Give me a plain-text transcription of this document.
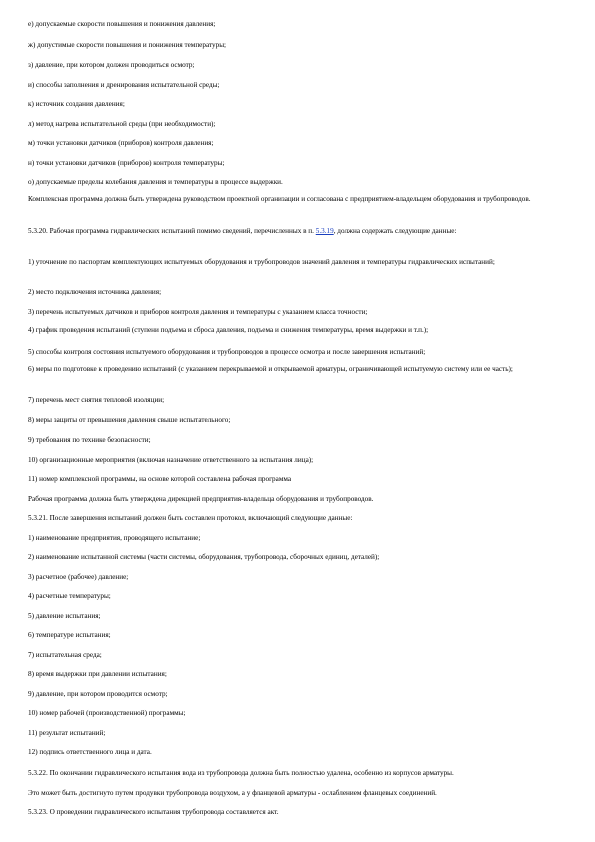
е) допускаемые скорости повышения и понижения давления;

ж) допустимые скорости повышения и понижения температуры;

з) давление, при котором должен проводиться осмотр;

и) способы заполнения и дренирования испытательной среды;

к) источник создания давления;

л) метод нагрева испытательной среды (при необходимости);

м) точки установки датчиков (приборов) контроля давления;

н) точки установки датчиков (приборов) контроля температуры;

о) допускаемые пределы колебания давления и температуры в процессе выдержки.

Комплексная программа должна быть утверждена руководством проектной организации и согласована с предприятием-владельцем оборудования и трубопроводов.

5.3.20. Рабочая программа гидравлических испытаний помимо сведений, перечисленных в п. 5.3.19, должна содержать следующие данные:

1) уточнение по паспортам комплектующих испытуемых оборудования и трубопроводов значений давления и температуры гидравлических испытаний;

2) место подключения источника давления;

3) перечень испытуемых датчиков и приборов контроля давления и температуры с указанием класса точности;

4) график проведения испытаний (ступени подъема и сброса давления, подъема и снижения температуры, время выдержки и т.п.);

5) способы контроля состояния испытуемого оборудования и трубопроводов в процессе осмотра и после завершения испытаний;

6) меры по подготовке к проведению испытаний (с указанием перекрываемой и открываемой арматуры, ограничивающей испытуемую систему или ее часть);

7) перечень мест снятия тепловой изоляции;

8) меры защиты от превышения давления свыше испытательного;

9) требования по технике безопасности;

10) организационные мероприятия (включая назначение ответственного за испытания лица);

11) номер комплексной программы, на основе которой составлена рабочая программа

Рабочая программа должна быть утверждена дирекцией предприятия-владельца оборудования и трубопроводов.

5.3.21. После завершения испытаний должен быть составлен протокол, включающий следующие данные:

1) наименование предприятия, проводящего испытание;

2) наименование испытанной системы (части системы, оборудования, трубопровода, сборочных единиц, деталей);

3) расчетное (рабочее) давление;

4) расчетные температуры;

5) давление испытания;

6) температуре испытания;

7) испытательная среда;

8) время выдержки при давлении испытания;

9) давление, при котором проводится осмотр;

10) номер рабочей (производственной) программы;

11) результат испытаний;

12) подпись ответственного лица и дата.

5.3.22. По окончании гидравлического испытания вода из трубопровода должна быть полностью удалена, особенно из корпусов арматуры.

Это может быть достигнуто путем продувки трубопровода воздухом, а у фланцевой арматуры - ослаблением фланцевых соединений.

5.3.23. О проведении гидравлического испытания трубопровода составляется акт.
